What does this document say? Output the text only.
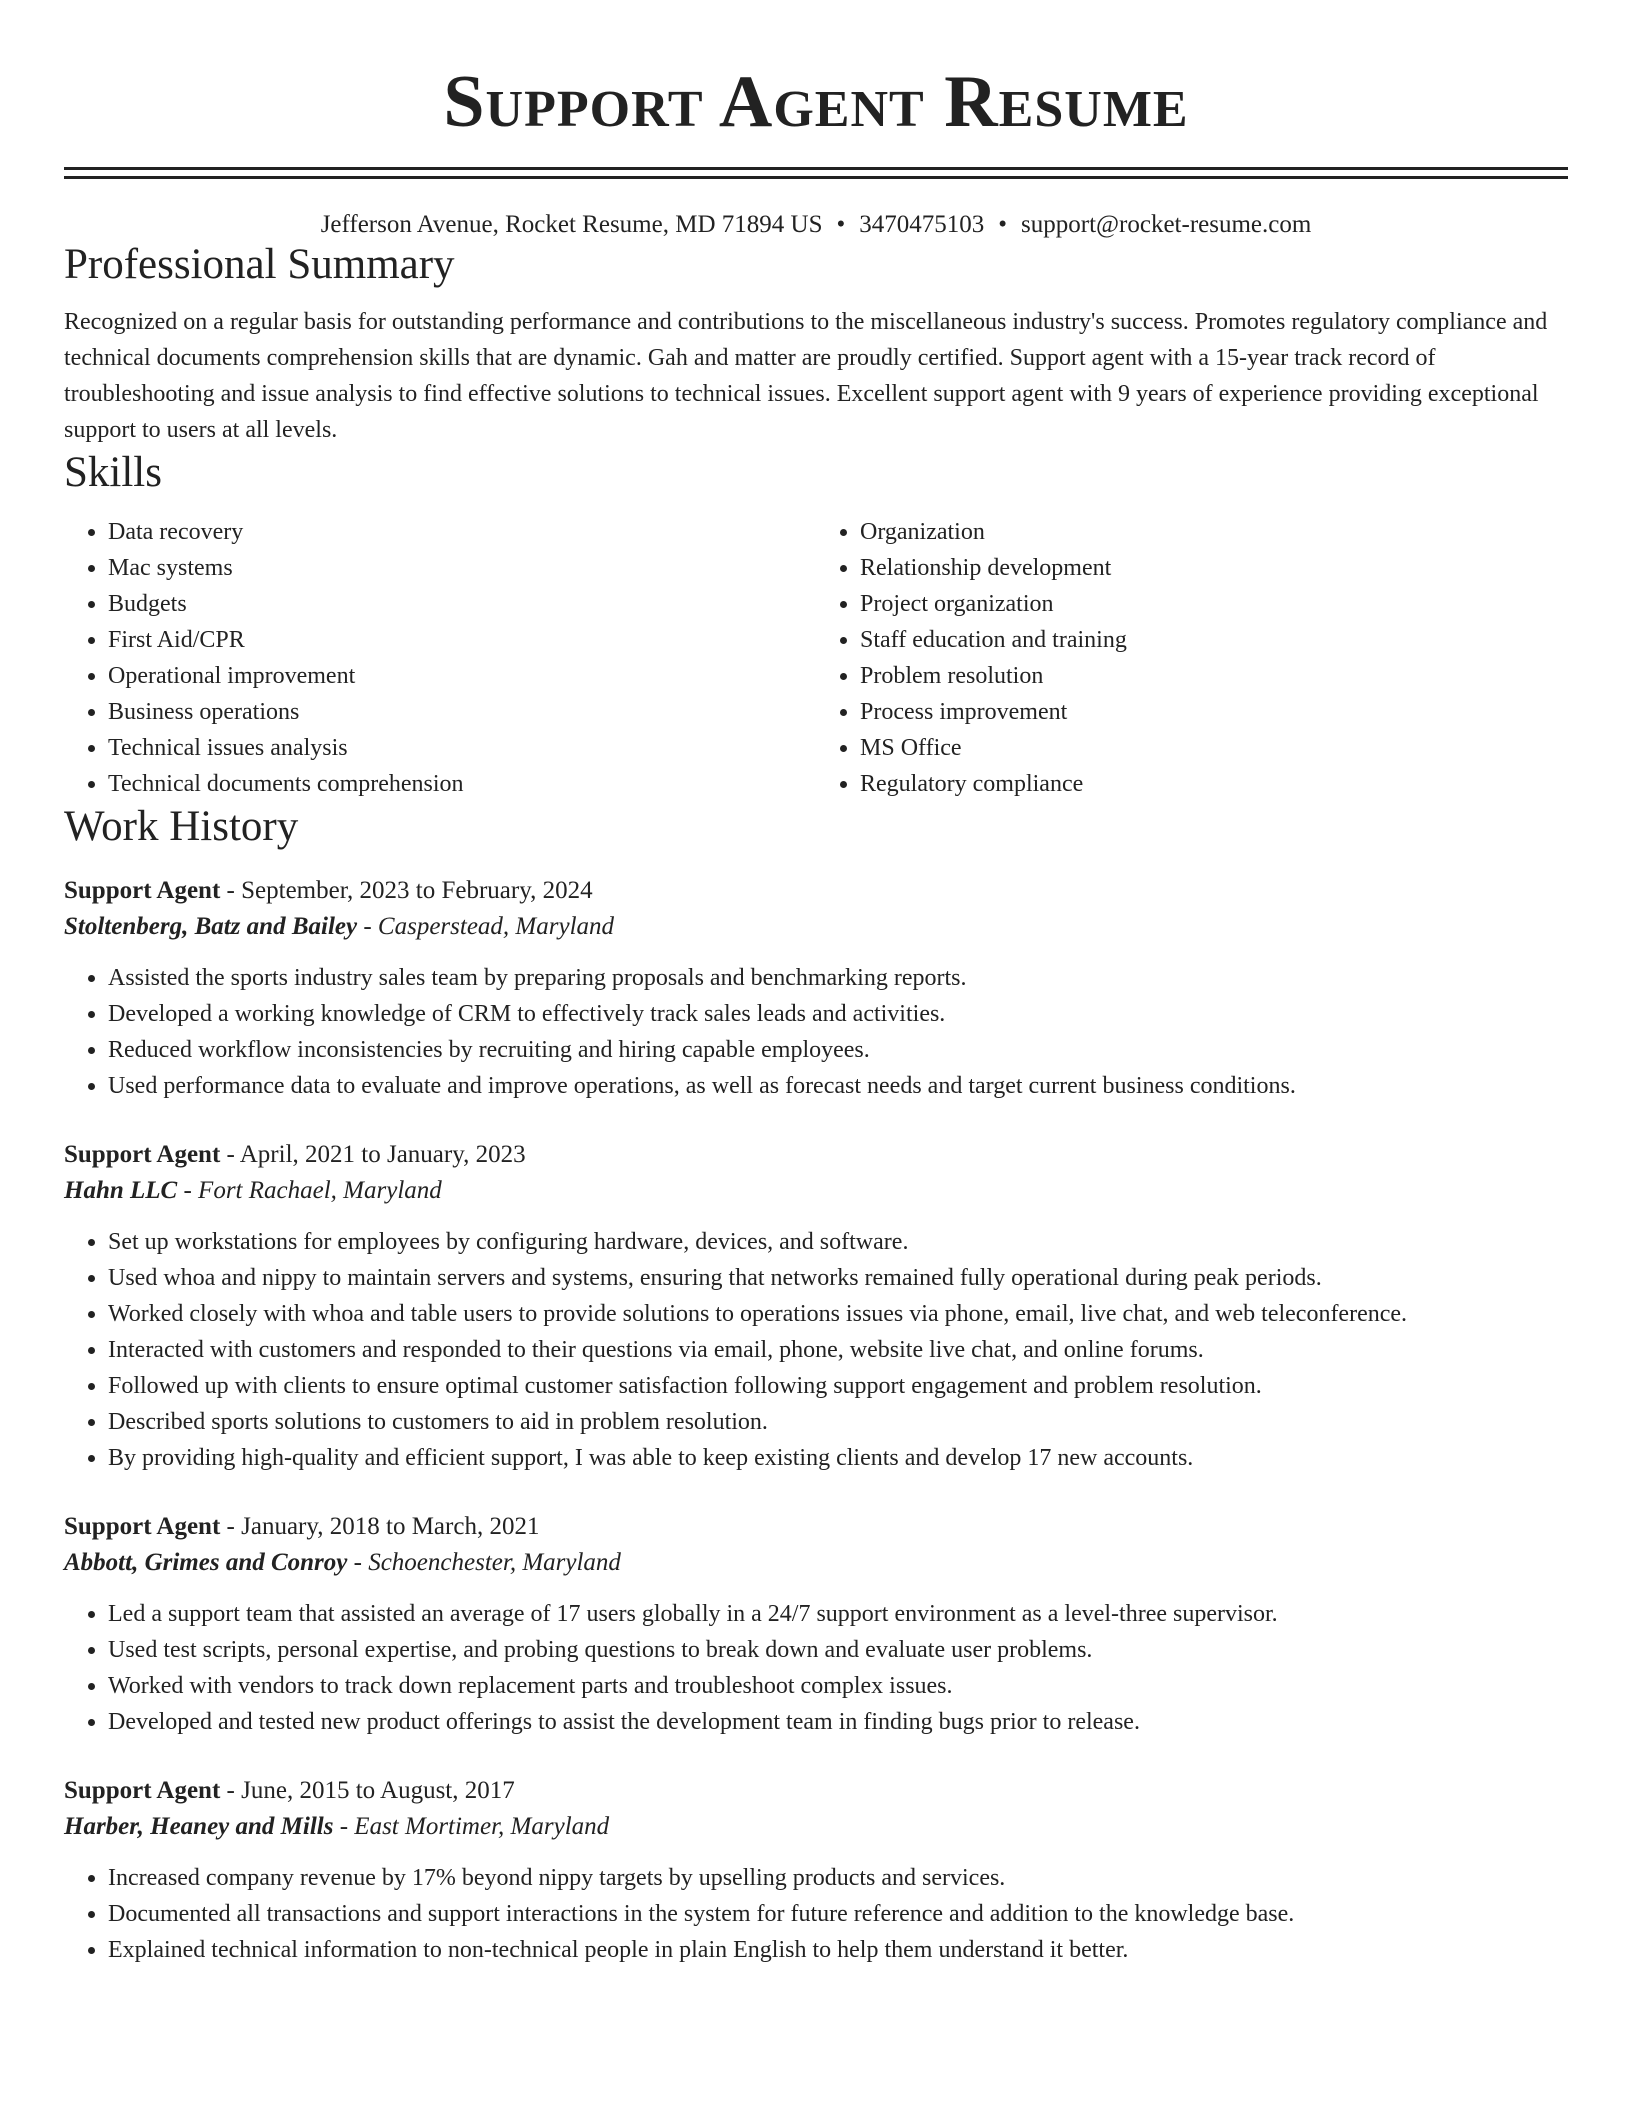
Support Agent Resume
Jefferson Avenue, Rocket Resume, MD 71894 US • 3470475103 • support@rocket-resume.com
Professional Summary

Recognized on a regular basis for outstanding performance and contributions to the miscellaneous industry's success. Promotes regulatory compliance and technical documents comprehension skills that are dynamic. Gah and matter are proudly certified. Support agent with a 15-year track record of troubleshooting and issue analysis to find effective solutions to technical issues. Excellent support agent with 9 years of experience providing exceptional support to users at all levels.

Skills
• Data recovery
• Mac systems
• Budgets
• First Aid/CPR
• Operational improvement
• Business operations
• Technical issues analysis
• Technical documents comprehension
• Organization
• Relationship development
• Project organization
• Staff education and training
• Problem resolution
• Process improvement
• MS Office
• Regulatory compliance
Work History
Support Agent - September, 2023 to February, 2024
Stoltenberg, Batz and Bailey - Casperstead, Maryland
• Assisted the sports industry sales team by preparing proposals and benchmarking reports.
• Developed a working knowledge of CRM to effectively track sales leads and activities.
• Reduced workflow inconsistencies by recruiting and hiring capable employees.
• Used performance data to evaluate and improve operations, as well as forecast needs and target current business conditions.
Support Agent - April, 2021 to January, 2023
Hahn LLC - Fort Rachael, Maryland
• Set up workstations for employees by configuring hardware, devices, and software.
• Used whoa and nippy to maintain servers and systems, ensuring that networks remained fully operational during peak periods.
• Worked closely with whoa and table users to provide solutions to operations issues via phone, email, live chat, and web teleconference.
• Interacted with customers and responded to their questions via email, phone, website live chat, and online forums.
• Followed up with clients to ensure optimal customer satisfaction following support engagement and problem resolution.
• Described sports solutions to customers to aid in problem resolution.
• By providing high-quality and efficient support, I was able to keep existing clients and develop 17 new accounts.
Support Agent - January, 2018 to March, 2021
Abbott, Grimes and Conroy - Schoenchester, Maryland
• Led a support team that assisted an average of 17 users globally in a 24/7 support environment as a level-three supervisor.
• Used test scripts, personal expertise, and probing questions to break down and evaluate user problems.
• Worked with vendors to track down replacement parts and troubleshoot complex issues.
• Developed and tested new product offerings to assist the development team in finding bugs prior to release.
Support Agent - June, 2015 to August, 2017
Harber, Heaney and Mills - East Mortimer, Maryland
• Increased company revenue by 17% beyond nippy targets by upselling products and services.
• Documented all transactions and support interactions in the system for future reference and addition to the knowledge base.
• Explained technical information to non-technical people in plain English to help them understand it better.
